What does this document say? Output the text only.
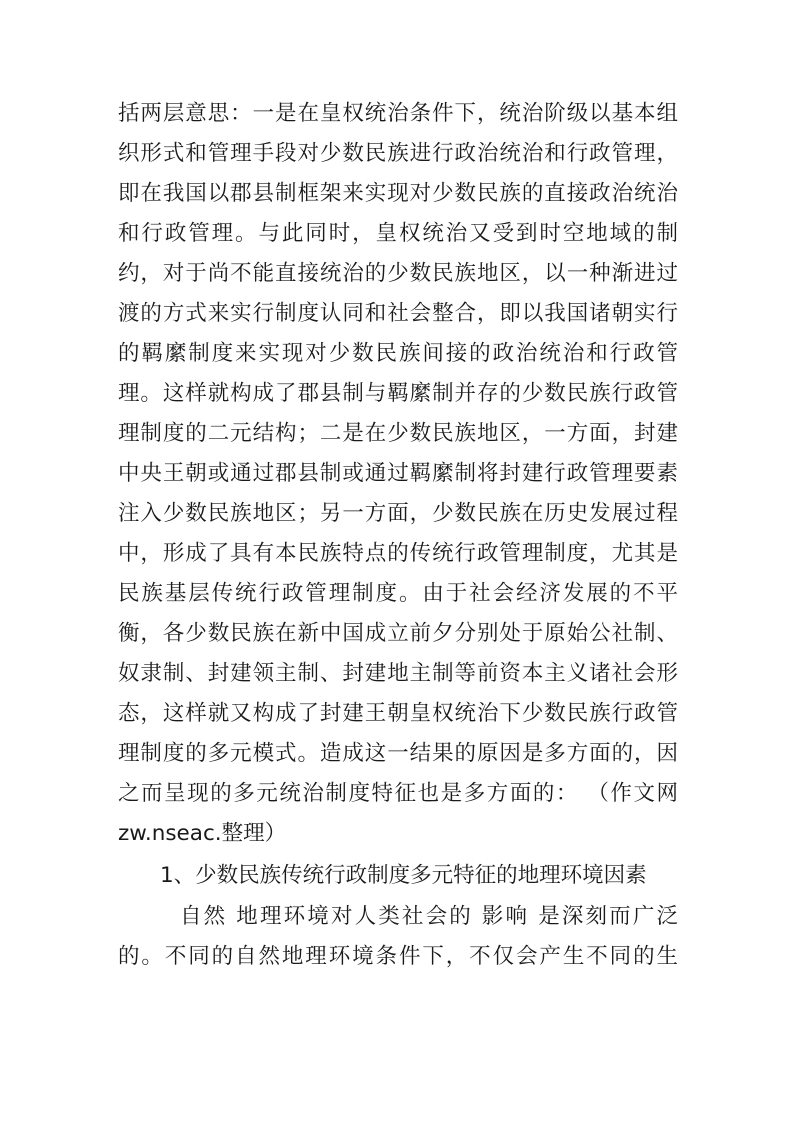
括两层意思：一是在皇权统治条件下，统治阶级以基本组
织形式和管理手段对少数民族进行政治统治和行政管理，
即在我国以郡县制框架来实现对少数民族的直接政治统治
和行政管理。与此同时，皇权统治又受到时空地域的制
约，对于尚不能直接统治的少数民族地区，以一种渐进过
渡的方式来实行制度认同和社会整合，即以我国诸朝实行
的羁縻制度来实现对少数民族间接的政治统治和行政管
理。这样就构成了郡县制与羁縻制并存的少数民族行政管
理制度的二元结构；二是在少数民族地区，一方面，封建
中央王朝或通过郡县制或通过羁縻制将封建行政管理要素
注入少数民族地区；另一方面，少数民族在历史发展过程
中，形成了具有本民族特点的传统行政管理制度，尤其是
民族基层传统行政管理制度。由于社会经济发展的不平
衡，各少数民族在新中国成立前夕分别处于原始公社制、
奴隶制、封建领主制、封建地主制等前资本主义诸社会形
态，这样就又构成了封建王朝皇权统治下少数民族行政管
理制度的多元模式。造成这一结果的原因是多方面的，因
之而呈现的多元统治制度特征也是多方面的： （作文网
zw.nseac.整理）
1、少数民族传统行政制度多元特征的地理环境因素
自然 地理环境对人类社会的 影响 是深刻而广泛
的。不同的自然地理环境条件下，不仅会产生不同的生
